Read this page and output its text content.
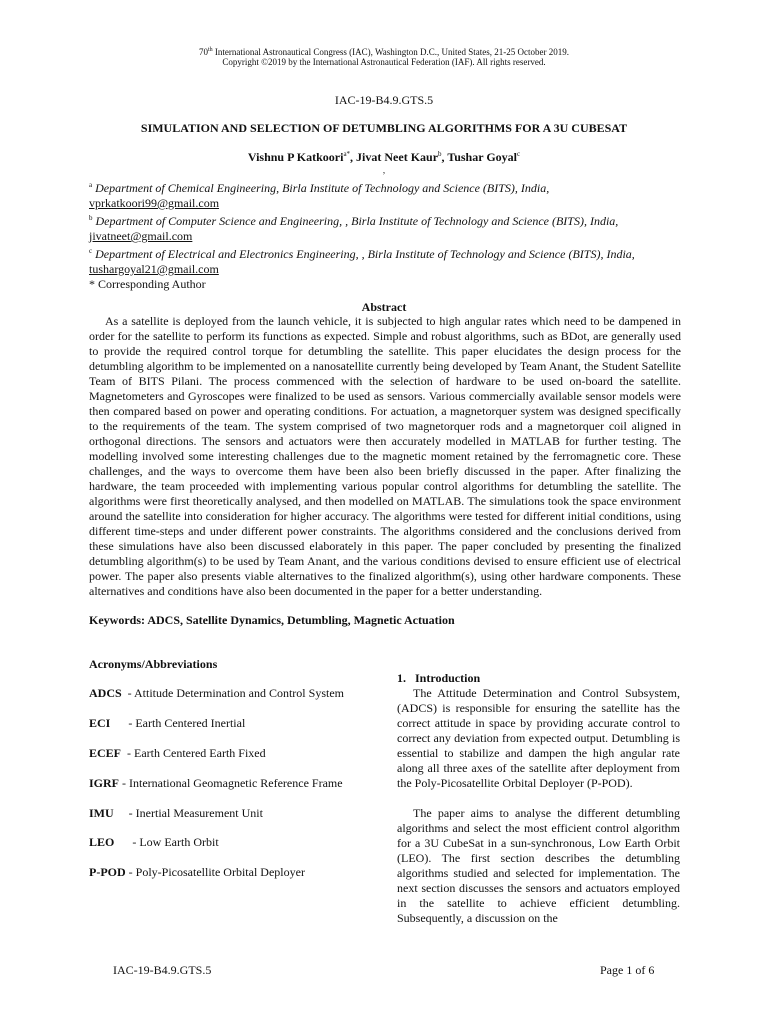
70th International Astronautical Congress (IAC), Washington D.C., United States, 21-25 October 2019.
Copyright ©2019 by the International Astronautical Federation (IAF). All rights reserved.
IAC-19-B4.9.GTS.5
SIMULATION AND SELECTION OF DETUMBLING ALGORITHMS FOR A 3U CUBESAT
Vishnu P Katkoori$^{a*}$, Jivat Neet Kaur$^b$, Tushar Goyal$^c$
,
$^a$ Department of Chemical Engineering, Birla Institute of Technology and Science (BITS), India,
vprkatkoori99@gmail.com
$^b$ Department of Computer Science and Engineering, , Birla Institute of Technology and Science (BITS), India,
jivatneet@gmail.com
$^c$ Department of Electrical and Electronics Engineering, , Birla Institute of Technology and Science (BITS), India,
tushargoyal21@gmail.com
* Corresponding Author
Abstract

As a satellite is deployed from the launch vehicle, it is subjected to high angular rates which need to be dampened in order for the satellite to perform its functions as expected. Simple and robust algorithms, such as BDot, are generally used to provide the required control torque for detumbling the satellite. This paper elucidates the design process for the detumbling algorithm to be implemented on a nanosatellite currently being developed by Team Anant, the Student Satellite Team of BITS Pilani. The process commenced with the selection of hardware to be used on-board the satellite. Magnetometers and Gyroscopes were finalized to be used as sensors. Various commercially available sensor models were then compared based on power and operating conditions. For actuation, a magnetorquer system was designed specifically to the requirements of the team. The system comprised of two magnetorquer rods and a magnetorquer coil aligned in orthogonal directions. The sensors and actuators were then accurately modelled in MATLAB for further testing. The modelling involved some interesting challenges due to the magnetic moment retained by the ferromagnetic core. These challenges, and the ways to overcome them have been also been briefly discussed in the paper. After finalizing the hardware, the team proceeded with implementing various popular control algorithms for detumbling the satellite. The algorithms were first theoretically analysed, and then modelled on MATLAB. The simulations took the space environment around the satellite into consideration for higher accuracy. The algorithms were tested for different initial conditions, using different time-steps and under different power constraints. The algorithms considered and the conclusions derived from these simulations have also been discussed elaborately in this paper. The paper concluded by presenting the finalized detumbling algorithm(s) to be used by Team Anant, and the various conditions devised to ensure efficient use of electrical power. The paper also presents viable alternatives to the finalized algorithm(s), using other hardware components. These alternatives and conditions have also been documented in the paper for a better understanding.

Keywords: ADCS, Satellite Dynamics, Detumbling, Magnetic Actuation
Acronyms/Abbreviations
ADCS  - Attitude Determination and Control System
ECI      - Earth Centered Inertial
ECEF  - Earth Centered Earth Fixed
IGRF - International Geomagnetic Reference Frame
IMU     - Inertial Measurement Unit
LEO      - Low Earth Orbit
P-POD - Poly-Picosatellite Orbital Deployer
1.   Introduction

The Attitude Determination and Control Subsystem, (ADCS) is responsible for ensuring the satellite has the correct attitude in space by providing accurate control to correct any deviation from expected output. Detumbling is essential to stabilize and dampen the high angular rate along all three axes of the satellite after deployment from the Poly-Picosatellite Orbital Deployer (P-POD).

The paper aims to analyse the different detumbling algorithms and select the most efficient control algorithm for a 3U CubeSat in a sun-synchronous, Low Earth Orbit (LEO). The first section describes the detumbling algorithms studied and selected for implementation. The next section discusses the sensors and actuators employed in the satellite to achieve efficient detumbling. Subsequently, a discussion on the

IAC-19-B4.9.GTS.5	Page 1 of 6
